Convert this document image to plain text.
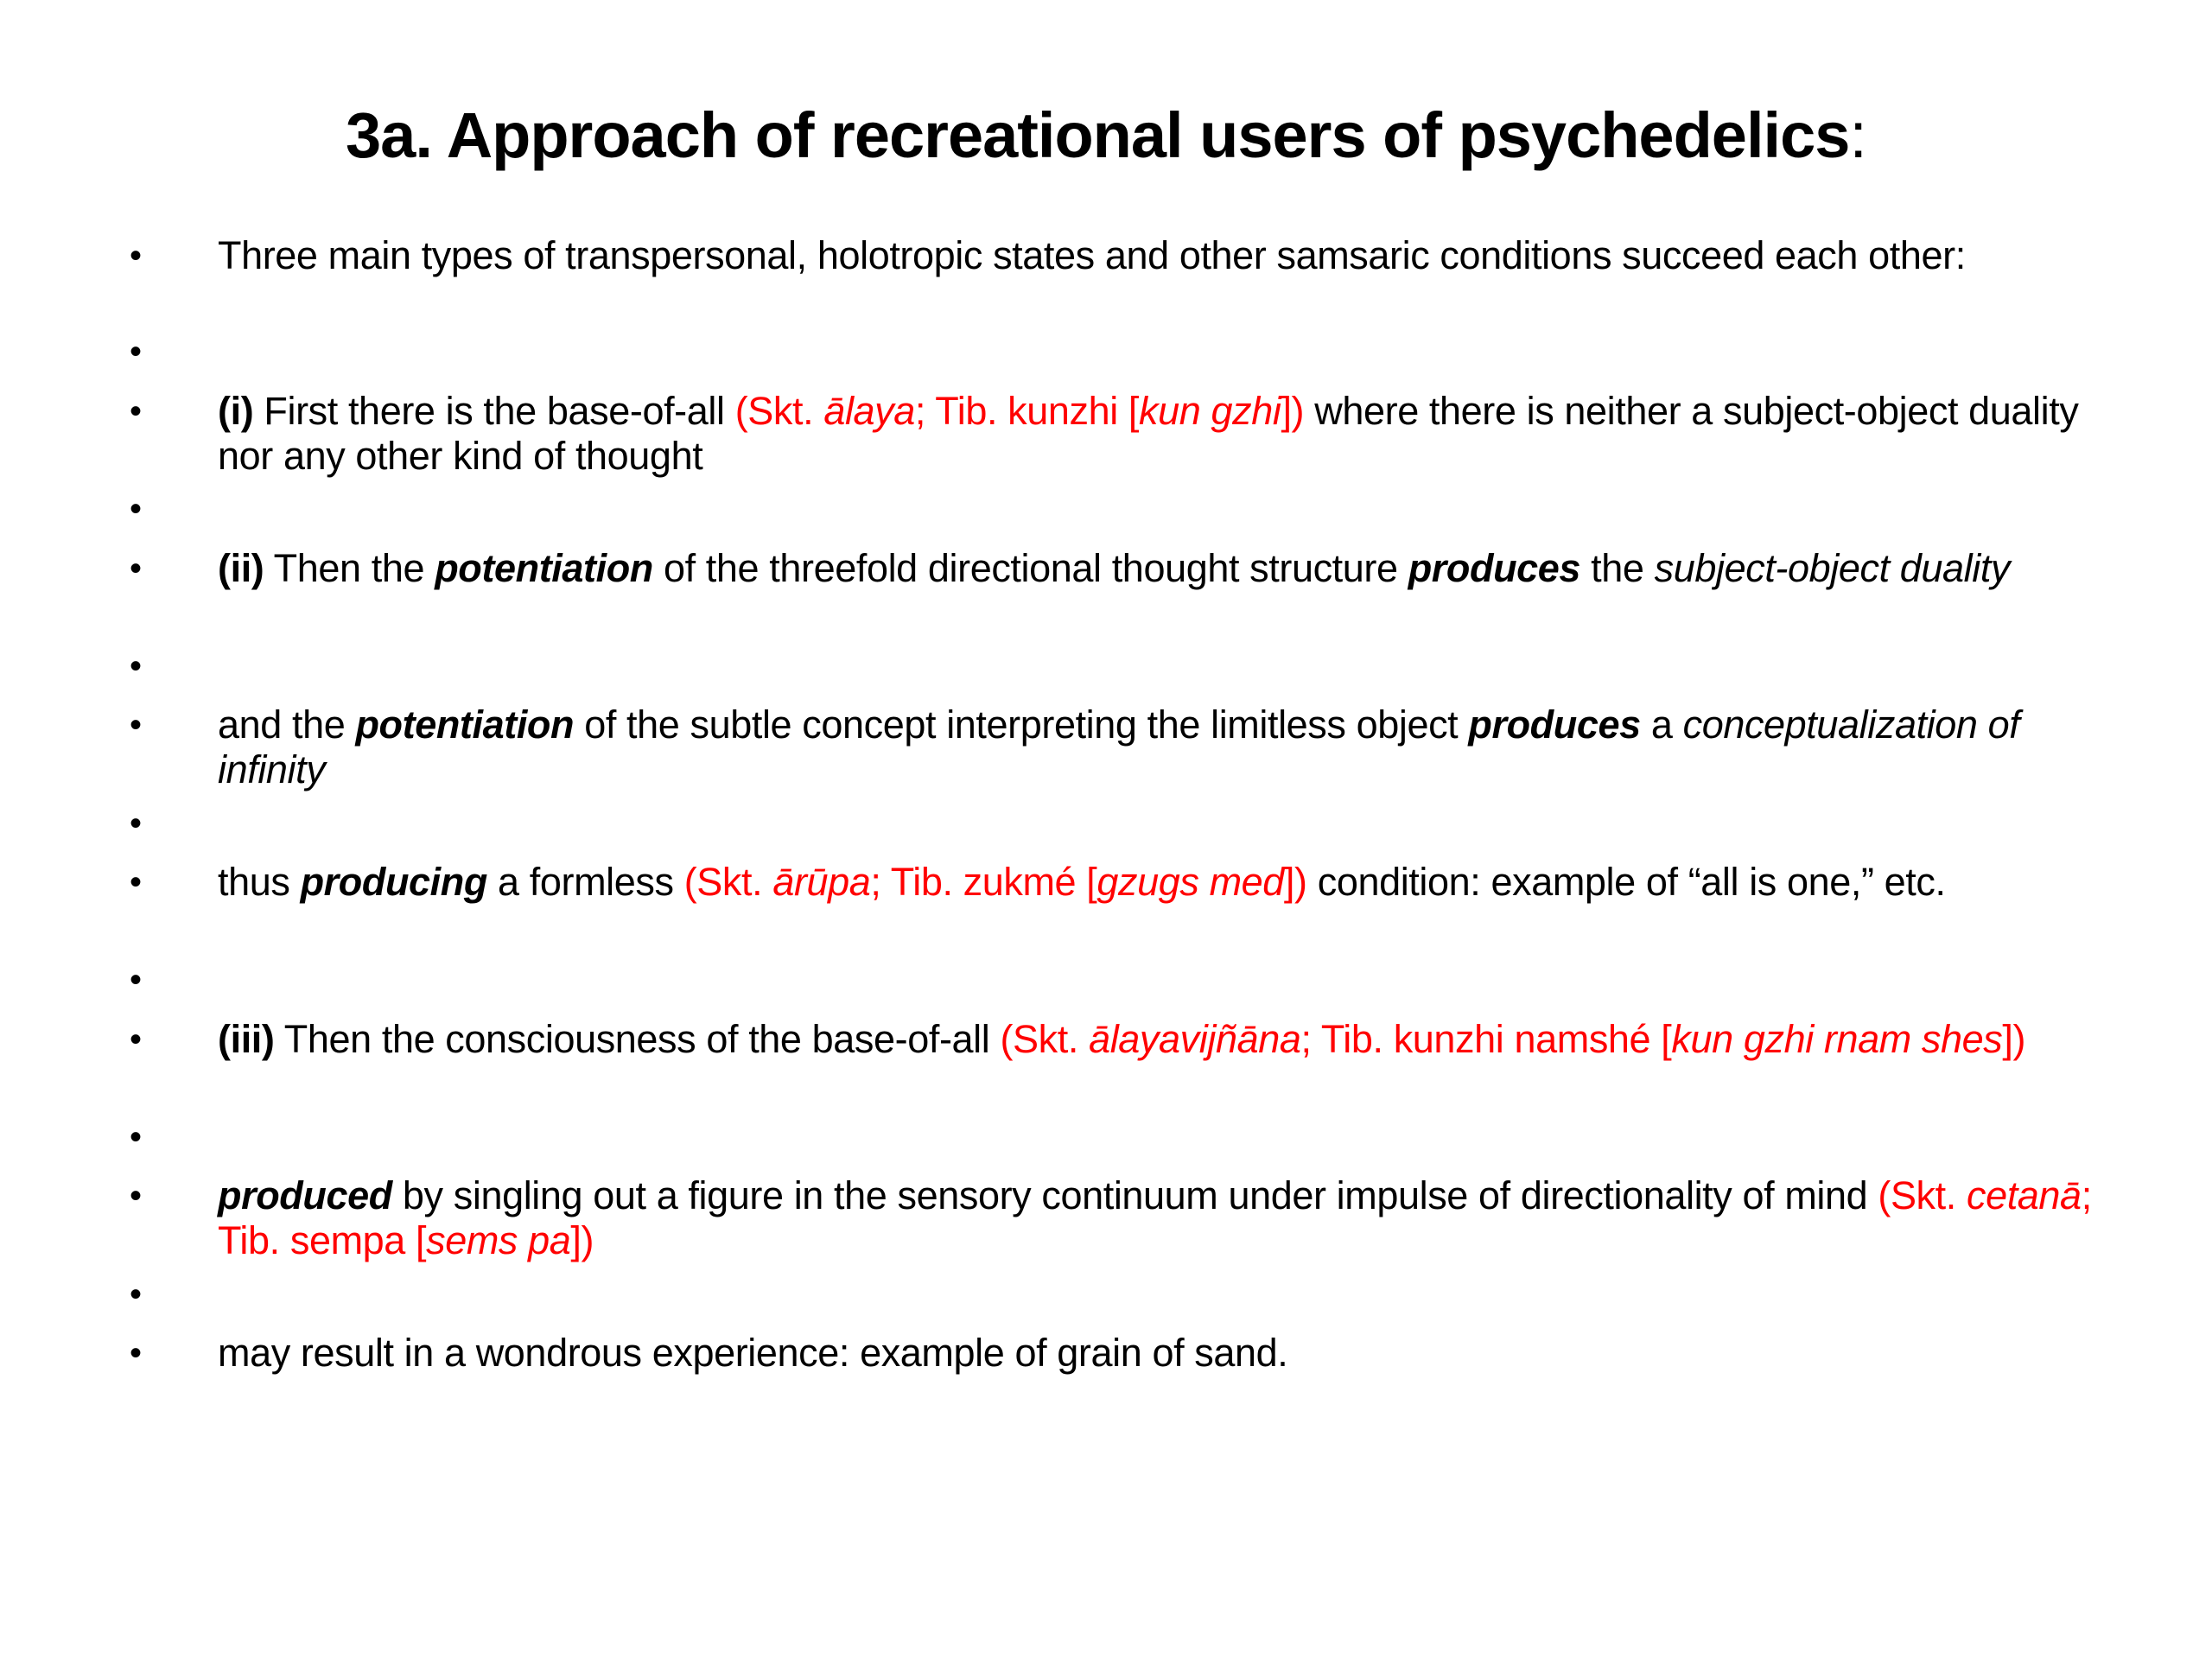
3a. Approach of recreational users of psychedelics:
• Three main types of transpersonal, holotropic states and other samsaric conditions succeed each other:
•
• (i) First there is the base-of-all (Skt. ālaya; Tib. kunzhi [kun gzhi]) where there is neither a subject-object duality nor any other kind of thought
•
• (ii) Then the potentiation of the threefold directional thought structure produces the subject-object duality
•
• and the potentiation of the subtle concept interpreting the limitless object produces a conceptualization of infinity
•
• thus producing a formless (Skt. ārūpa; Tib. zukmé [gzugs med]) condition: example of “all is one,” etc.
•
• (iii) Then the consciousness of the base-of-all (Skt. ālayavijñāna; Tib. kunzhi namshé [kun gzhi rnam shes])
•
• produced by singling out a figure in the sensory continuum under impulse of directionality of mind (Skt. cetanā; Tib. sempa [sems pa])
•
• may result in a wondrous experience: example of grain of sand.
